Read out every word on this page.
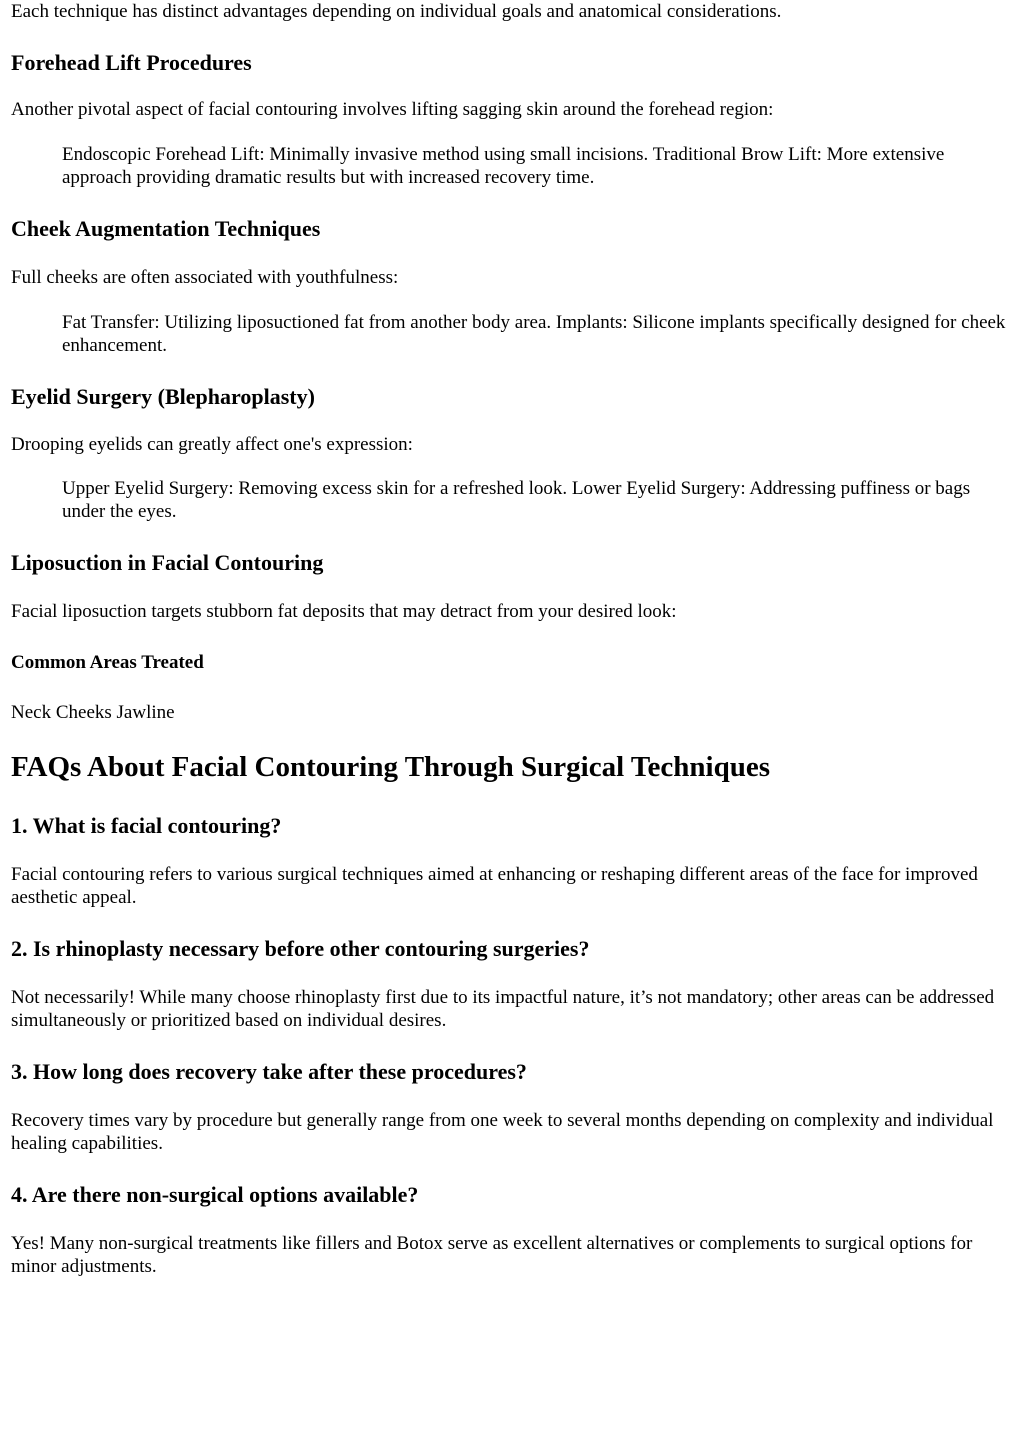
Each technique has distinct advantages depending on individual goals and anatomical considerations.

Forehead Lift Procedures

Another pivotal aspect of facial contouring involves lifting sagging skin around the forehead region:

Endoscopic Forehead Lift: Minimally invasive method using small incisions. Traditional Brow Lift: More extensive approach providing dramatic results but with increased recovery time.

Cheek Augmentation Techniques

Full cheeks are often associated with youthfulness:

Fat Transfer: Utilizing liposuctioned fat from another body area. Implants: Silicone implants specifically designed for cheek enhancement.

Eyelid Surgery (Blepharoplasty)

Drooping eyelids can greatly affect one's expression:

Upper Eyelid Surgery: Removing excess skin for a refreshed look. Lower Eyelid Surgery: Addressing puffiness or bags under the eyes.

Liposuction in Facial Contouring

Facial liposuction targets stubborn fat deposits that may detract from your desired look:

Common Areas Treated

Neck Cheeks Jawline

FAQs About Facial Contouring Through Surgical Techniques
1. What is facial contouring?

Facial contouring refers to various surgical techniques aimed at enhancing or reshaping different areas of the face for improved aesthetic appeal.

2. Is rhinoplasty necessary before other contouring surgeries?

Not necessarily! While many choose rhinoplasty first due to its impactful nature, it’s not mandatory; other areas can be addressed simultaneously or prioritized based on individual desires.

3. How long does recovery take after these procedures?

Recovery times vary by procedure but generally range from one week to several months depending on complexity and individual healing capabilities.

4. Are there non-surgical options available?

Yes! Many non-surgical treatments like fillers and Botox serve as excellent alternatives or complements to surgical options for minor adjustments.
